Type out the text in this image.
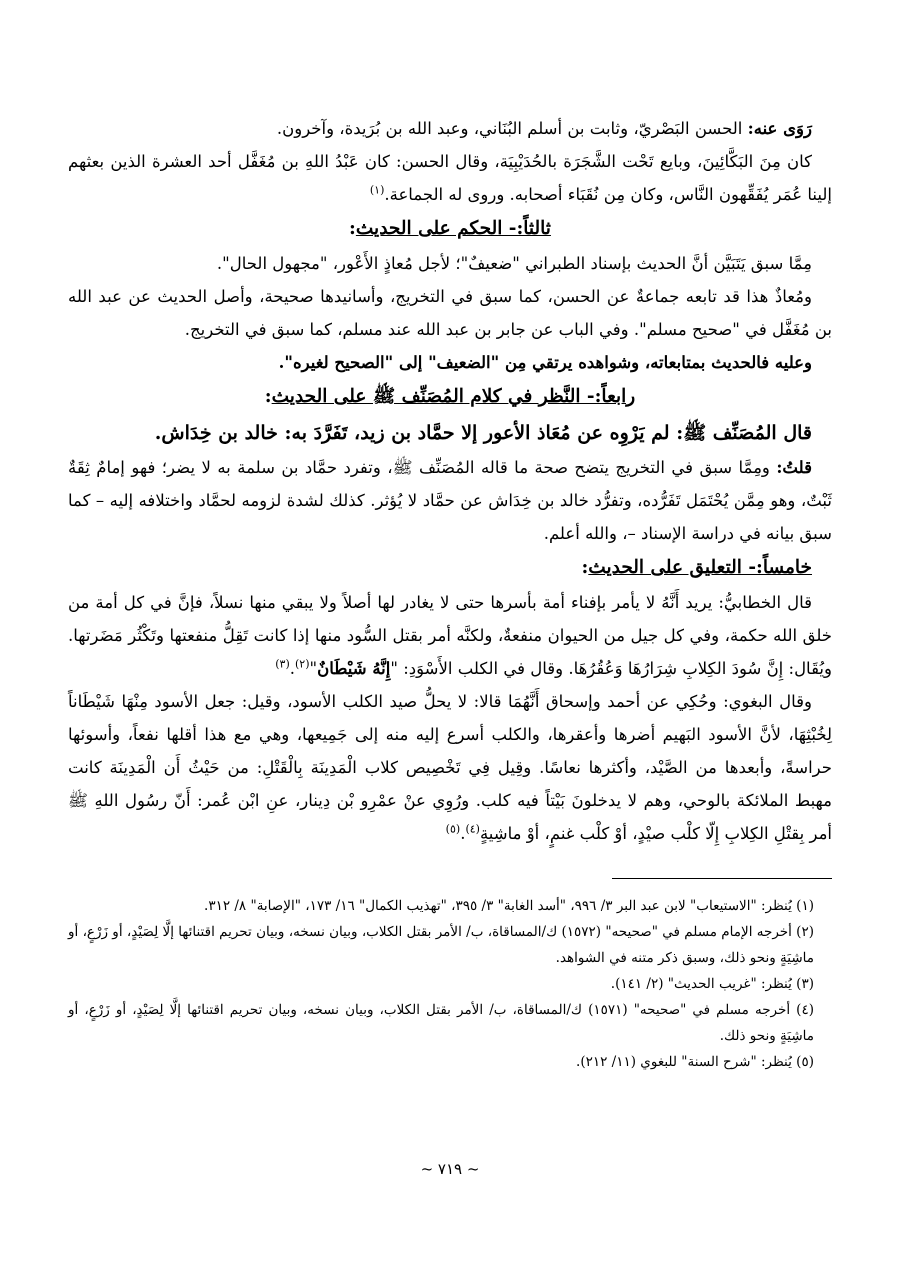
رَوَى عنه: الحسن البَصْريّ، وثابت بن أسلم البُنَاني، وعبد الله بن بُرَيدة، وآخرون.

كان مِنَ البَكَّائِينَ، وبايع تَحْت الشَّجَرَة بالحُدَيْبِيَة، وقال الحسن: كان عَبْدُ اللهِ بن مُغَفَّل أحد العشرة الذين بعثهم إلينا عُمَر يُفَقِّهون النَّاس، وكان مِن نُقَبَاء أصحابه. وروى له الجماعة.$^{(١)}$

ثالثاً:- الحكم على الحديث:

مِمَّا سبق يَتَبَيَّن أنَّ الحديث بإسناد الطبراني "ضعيفٌ"؛ لأجل مُعاذٍ الأَعْور، "مجهول الحال".

ومُعاذٌ هذا قد تابعه جماعةٌ عن الحسن، كما سبق في التخريج، وأسانيدها صحيحة، وأصل الحديث عن عبد الله بن مُغَفَّل في "صحيح مسلم". وفي الباب عن جابر بن عبد الله عند مسلم، كما سبق في التخريج.

وعليه فالحديث بمتابعاته، وشواهده يرتقي مِن "الضعيف" إلى "الصحيح لغيره".

رابعاً:- النَّظر في كلام المُصَنِّف ﷺ على الحديث:

قال المُصَنِّف ﷺ: لم يَرْوِه عن مُعَاذ الأعور إلا حمَّاد بن زيد، تَفَرَّدَ به: خالد بن خِدَاش.

قلتُ: ومِمَّا سبق في التخريج يتضح صحة ما قاله المُصَنِّف ﷺ، وتفرد حمَّاد بن سلمة به لا يضر؛ فهو إمامٌ ثِقَةٌ ثَبْتٌ، وهو مِمَّن يُحْتَمَل تَفَرُّده، وتفرُّد خالد بن خِدَاش عن حمَّاد لا يُؤثر. كذلك لشدة لزومه لحمَّاد واختلافه إليه – كما سبق بيانه في دراسة الإسناد –، والله أعلم.

خامساً:- التعليق على الحديث:

قال الخطابيُّ: يريد أَنَّهُ لا يأمر بإفناء أمة بأسرها حتى لا يغادر لها أصلاً ولا يبقي منها نسلاً، فإنَّ في كل أمة من خلق الله حكمة، وفي كل جيل من الحيوان منفعةٌ، ولكنَّه أمر بقتل السُّود منها إذا كانت تَقِلُّ منفعتها وتَكْثُر مَضَرتها. ويُقَال: إِنَّ سُودَ الكِلابِ شِرَارُهَا وَعُقُرُهَا. وقال في الكلب الأَسْوَدِ: "إِنَّهُ شَيْطَانٌ"$^{(٢)}$.$^{(٣)}$

وقال البغوي: وحُكِي عن أحمد وإسحاق أَنَّهُمَا قالا: لا يحلُّ صيد الكلب الأسود، وقيل: جعل الأسود مِنْهَا شَيْطَاناً لِخُبْثِهَا، لأنَّ الأسود البَهيم أضرها وأعقرها، والكلب أسرع إليه منه إلى جَمِيعها، وهي مع هذا أقلها نفعاً، وأسوئها حراسةً، وأبعدها من الصَّيْد، وأكثرها نعاسًا. وقِيل فِي تَخْصِيص كلاب الْمَدِينَة بِالْقَتْلِ: من حَيْثُ أَن الْمَدِينَة كانت مهبط الملائكة بالوحي، وهم لا يدخلونَ بَيْتاً فيه كلب. ورُوِي عنْ عمْرِو بْن دِينار، عنِ ابْن عُمر: أَنّ رسُول اللهِ ﷺ أمر بِقتْلِ الكِلابِ إِلّا كلْب صيْدٍ، أوْ كلْب غنمٍ، أوْ ماشِيةٍ$^{(٤)}$.$^{(٥)}$

(١) يُنظر: "الاستيعاب" لابن عبد البر ٣/ ٩٩٦، "أسد الغابة" ٣/ ٣٩٥، "تهذيب الكمال" ١٦/ ١٧٣، "الإصابة" ٨/ ٣١٢.

(٢) أخرجه الإمام مسلم في "صحيحه" (١٥٧٢) ك/المساقاة، ب/ الأمر بقتل الكلاب، وبيان نسخه، وبيان تحريم اقتنائها إلَّا لِصَيْدٍ، أو زَرْعٍ، أو ماشِيَةٍ ونحو ذلك، وسبق ذكر متنه في الشواهد.

(٣) يُنظر: "غريب الحديث" (٢/ ١٤١).

(٤) أخرجه مسلم في "صحيحه" (١٥٧١) ك/المساقاة، ب/ الأمر بقتل الكلاب، وبيان نسخه، وبيان تحريم اقتنائها إلَّا لِصَيْدٍ، أو زَرْعٍ، أو ماشِيَةٍ ونحو ذلك.

(٥) يُنظر: "شرح السنة" للبغوي (١١/ ٢١٢).

~ ٧١٩ ~
